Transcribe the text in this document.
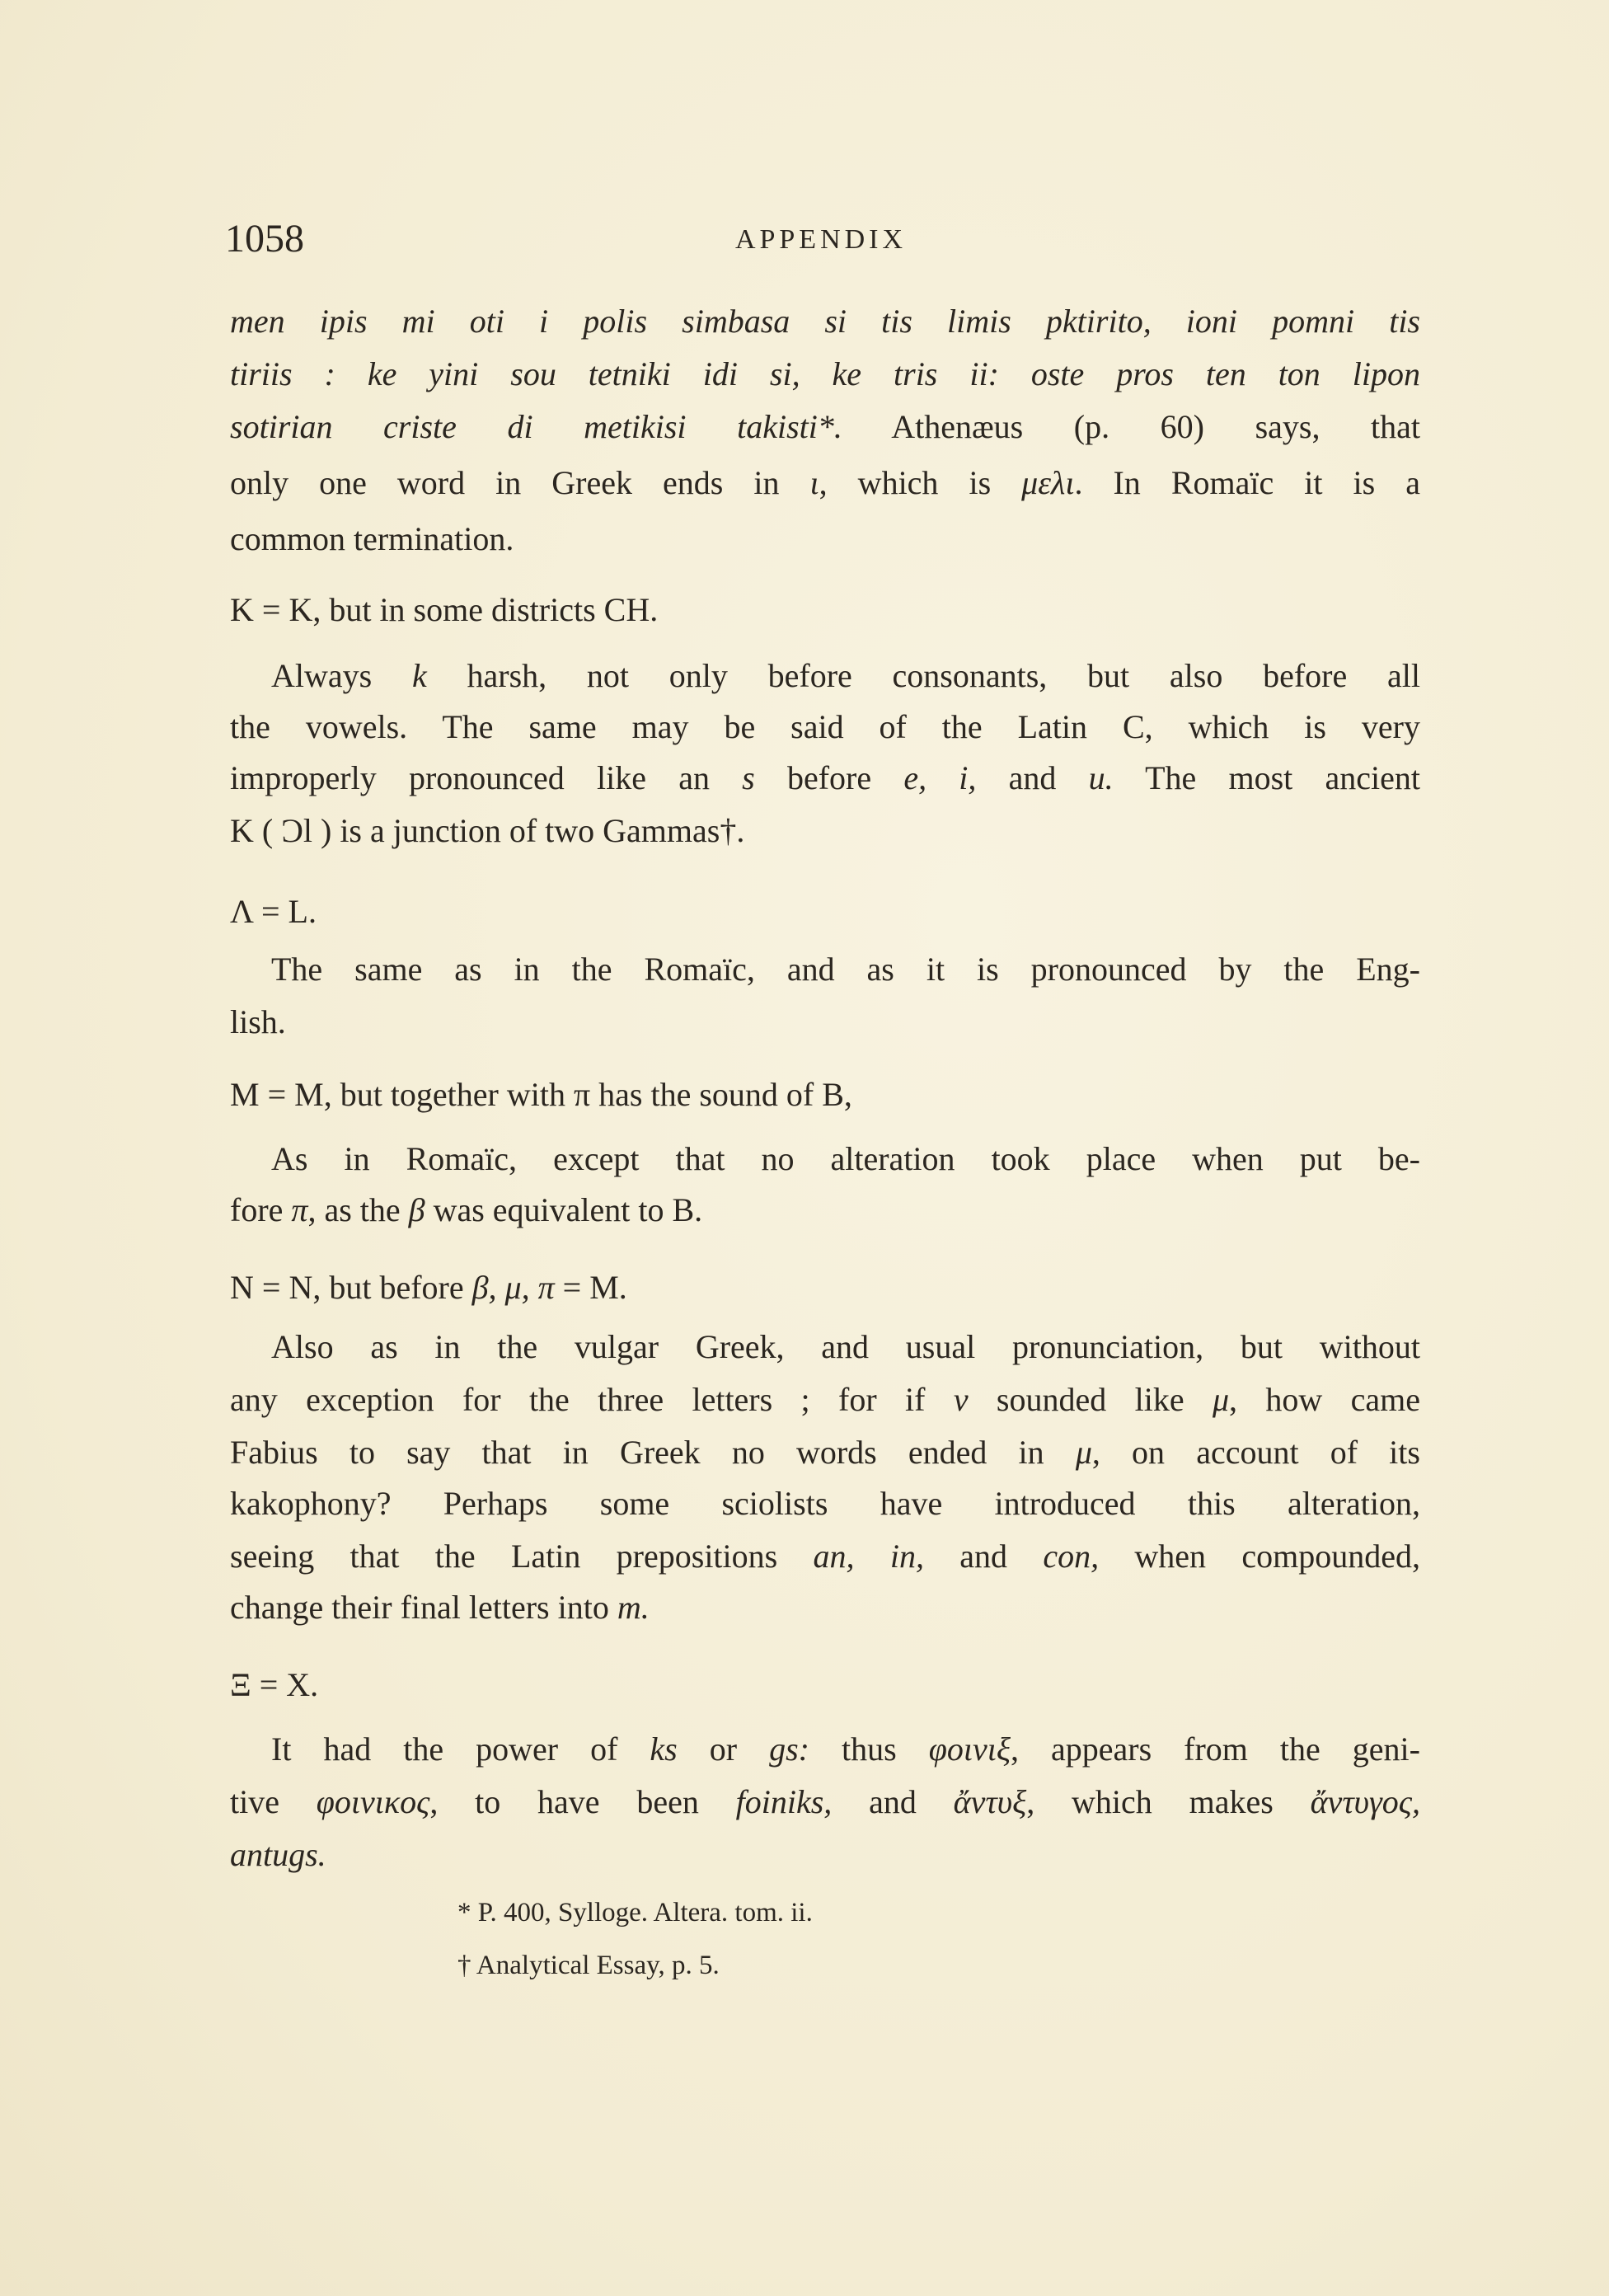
1058	APPENDIX
men ipis mi oti i polis simbasa si tis limis pktirito, ioni pomni tis
tiriis : ke yini sou tetniki idi si, ke tris ii: oste pros ten ton lipon
sotirian criste di metikisi takisti*. Athenæus (p. 60) says, that
only one word in Greek ends in ι, which is μελι. In Romaïc it is a
common termination.
K = K, but in some districts CH.
Always k harsh, not only before consonants, but also before all
the vowels. The same may be said of the Latin C, which is very
improperly pronounced like an s before e, i, and u. The most ancient
K ( Ɔl ) is a junction of two Gammas†.
Λ = L.
The same as in the Romaïc, and as it is pronounced by the Eng-
lish.
M = M, but together with π has the sound of B,
As in Romaïc, except that no alteration took place when put be-
fore π, as the β was equivalent to B.
N = N, but before β, μ, π = M.
Also as in the vulgar Greek, and usual pronunciation, but without
any exception for the three letters ; for if ν sounded like μ, how came
Fabius to say that in Greek no words ended in μ, on account of its
kakophony? Perhaps some sciolists have introduced this alteration,
seeing that the Latin prepositions an, in, and con, when compounded,
change their final letters into m.
Ξ = X.
It had the power of ks or gs: thus φοινιξ, appears from the geni-
tive φοινικος, to have been foiniks, and ἄντυξ, which makes ἄντυγος,
antugs.
* P. 400, Sylloge. Altera. tom. ii.
† Analytical Essay, p. 5.
